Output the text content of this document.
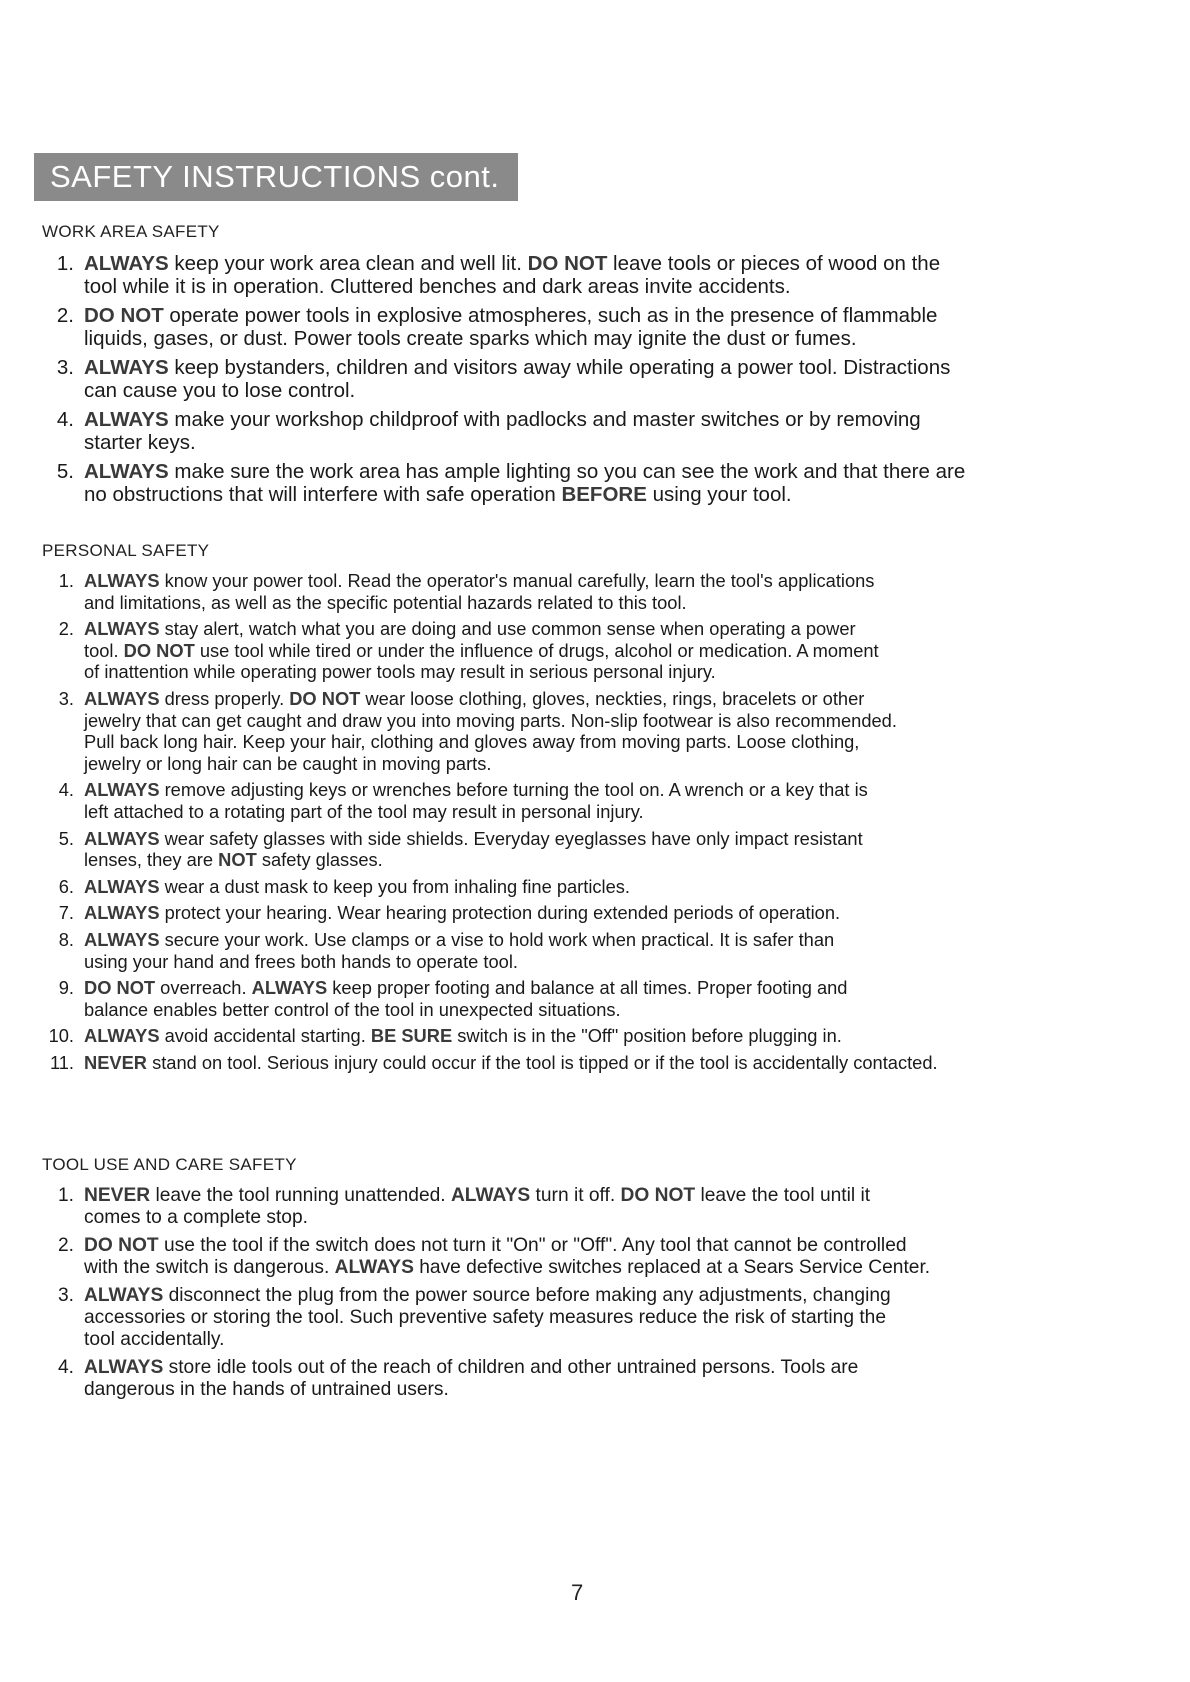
SAFETY INSTRUCTIONS cont.
WORK AREA SAFETY
1. ALWAYS keep your work area clean and well lit. DO NOT leave tools or pieces of wood on the
tool while it is in operation. Cluttered benches and dark areas invite accidents.
2. DO NOT operate power tools in explosive atmospheres, such as in the presence of flammable
liquids, gases, or dust. Power tools create sparks which may ignite the dust or fumes.
3. ALWAYS keep bystanders, children and visitors away while operating a power tool. Distractions
can cause you to lose control.
4. ALWAYS make your workshop childproof with padlocks and master switches or by removing
starter keys.
5. ALWAYS make sure the work area has ample lighting so you can see the work and that there are
no obstructions that will interfere with safe operation BEFORE using your tool.
PERSONAL SAFETY
1. ALWAYS know your power tool. Read the operator's manual carefully, learn the tool's applications
and limitations, as well as the specific potential hazards related to this tool.
2. ALWAYS stay alert, watch what you are doing and use common sense when operating a power
tool. DO NOT use tool while tired or under the influence of drugs, alcohol or medication. A moment
of inattention while operating power tools may result in serious personal injury.
3. ALWAYS dress properly. DO NOT wear loose clothing, gloves, neckties, rings, bracelets or other
jewelry that can get caught and draw you into moving parts. Non-slip footwear is also recommended.
Pull back long hair. Keep your hair, clothing and gloves away from moving parts. Loose clothing,
jewelry or long hair can be caught in moving parts.
4. ALWAYS remove adjusting keys or wrenches before turning the tool on. A wrench or a key that is
left attached to a rotating part of the tool may result in personal injury.
5. ALWAYS wear safety glasses with side shields. Everyday eyeglasses have only impact resistant
lenses, they are NOT safety glasses.
6. ALWAYS wear a dust mask to keep you from inhaling fine particles.
7. ALWAYS protect your hearing. Wear hearing protection during extended periods of operation.
8. ALWAYS secure your work. Use clamps or a vise to hold work when practical. It is safer than
using your hand and frees both hands to operate tool.
9. DO NOT overreach. ALWAYS keep proper footing and balance at all times. Proper footing and
balance enables better control of the tool in unexpected situations.
10. ALWAYS avoid accidental starting. BE SURE switch is in the "Off" position before plugging in.
11. NEVER stand on tool. Serious injury could occur if the tool is tipped or if the tool is accidentally contacted.
TOOL USE AND CARE SAFETY
1. NEVER leave the tool running unattended. ALWAYS turn it off. DO NOT leave the tool until it
comes to a complete stop.
2. DO NOT use the tool if the switch does not turn it "On" or "Off". Any tool that cannot be controlled
with the switch is dangerous. ALWAYS have defective switches replaced at a Sears Service Center.
3. ALWAYS disconnect the plug from the power source before making any adjustments, changing
accessories or storing the tool. Such preventive safety measures reduce the risk of starting the
tool accidentally.
4. ALWAYS store idle tools out of the reach of children and other untrained persons. Tools are
dangerous in the hands of untrained users.
7
